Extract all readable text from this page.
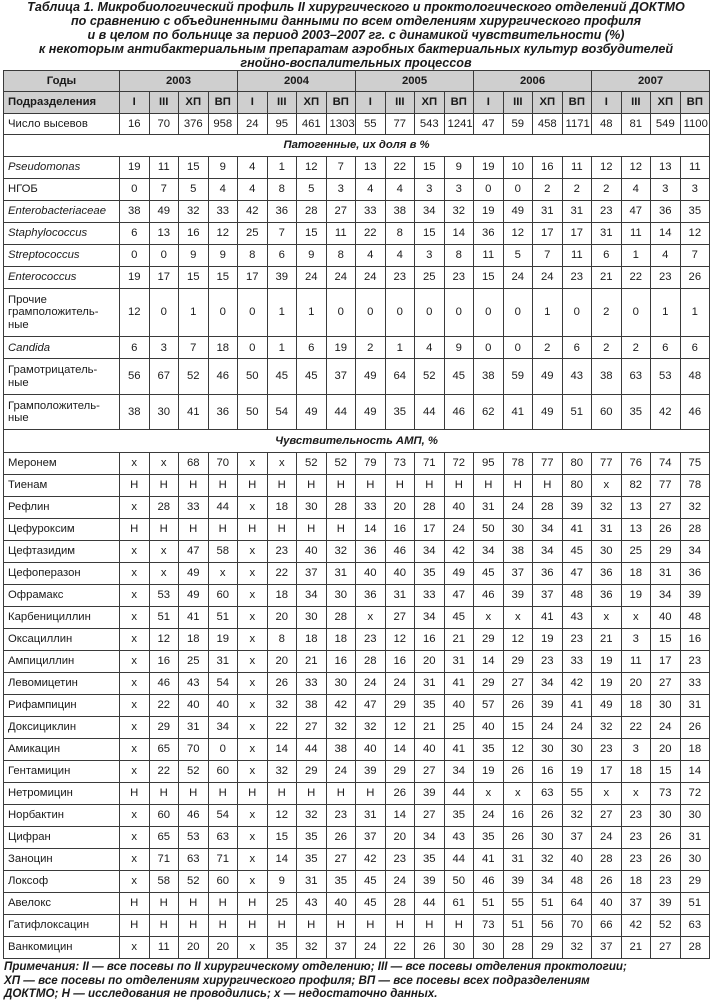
Таблица 1. Микробиологический профиль II хирургического и проктологического отделений ДОКТМО
по сравнению с объединенными данными по всем отделениям хирургического профиля
и в целом по больнице за период 2003–2007 гг. с динамикой чувствительности (%)
к некоторым антибактериальным препаратам аэробных бактериальных культур возбудителей
гнойно-воспалительных процессов
Годы	2003				2004				2005				2006				2007			
Подразделения	I	III	ХП	ВП	I	III	ХП	ВП	I	III	ХП	ВП	I	III	ХП	ВП	I	III	ХП	ВП
Число высевов	16	70	376	958	24	95	461	1303	55	77	543	1241	47	59	458	1171	48	81	549	1100
Патогенные, их доля в %																				
Pseudomonas	19	11	15	9	4	1	12	7	13	22	15	9	19	10	16	11	12	12	13	11
НГОБ	0	7	5	4	4	8	5	3	4	4	3	3	0	0	2	2	2	4	3	3
Enterobacteriaceae	38	49	32	33	42	36	28	27	33	38	34	32	19	49	31	31	23	47	36	35
Staphylococcus	6	13	16	12	25	7	15	11	22	8	15	14	36	12	17	17	31	11	14	12
Streptococcus	0	0	9	9	8	6	9	8	4	4	3	8	11	5	7	11	6	1	4	7
Enterococcus	19	17	15	15	17	39	24	24	24	23	25	23	15	24	24	23	21	22	23	26
Прочие грамположитель-ные	12	0	1	0	0	1	1	0	0	0	0	0	0	0	1	0	2	0	1	1
Candida	6	3	7	18	0	1	6	19	2	1	4	9	0	0	2	6	2	2	6	6
Грамотрицатель-ные	56	67	52	46	50	45	45	37	49	64	52	45	38	59	49	43	38	63	53	48
Грамположитель-ные	38	30	41	36	50	54	49	44	49	35	44	46	62	41	49	51	60	35	42	46
Чувствительность АМП, %																				
Меронем	х	х	68	70	х	х	52	52	79	73	71	72	95	78	77	80	77	76	74	75
Тиенам	Н	Н	Н	Н	Н	Н	Н	Н	Н	Н	Н	Н	Н	Н	Н	80	х	82	77	78
Рефлин	х	28	33	44	х	18	30	28	33	20	28	40	31	24	28	39	32	13	27	32
Цефуроксим	Н	Н	Н	Н	Н	Н	Н	Н	14	16	17	24	50	30	34	41	31	13	26	28
Цефтазидим	х	х	47	58	х	23	40	32	36	46	34	42	34	38	34	45	30	25	29	34
Цефоперазон	х	х	49	х	х	22	37	31	40	40	35	49	45	37	36	47	36	18	31	36
Офрамакс	х	53	49	60	х	18	34	30	36	31	33	47	46	39	37	48	36	19	34	39
Карбенициллин	х	51	41	51	х	20	30	28	х	27	34	45	х	х	41	43	х	х	40	48
Оксациллин	х	12	18	19	х	8	18	18	23	12	16	21	29	12	19	23	21	3	15	16
Ампициллин	х	16	25	31	х	20	21	16	28	16	20	31	14	29	23	33	19	11	17	23
Левомицетин	х	46	43	54	х	26	33	30	24	24	31	41	29	27	34	42	19	20	27	33
Рифампицин	х	22	40	40	х	32	38	42	47	29	35	40	57	26	39	41	49	18	30	31
Доксициклин	х	29	31	34	х	22	27	32	32	12	21	25	40	15	24	24	32	22	24	26
Амикацин	х	65	70	0	х	14	44	38	40	14	40	41	35	12	30	30	23	3	20	18
Гентамицин	х	22	52	60	х	32	29	24	39	29	27	34	19	26	16	19	17	18	15	14
Нетромицин	Н	Н	Н	Н	Н	Н	Н	Н	Н	26	39	44	х	х	63	55	х	х	73	72
Норбактин	х	60	46	54	х	12	32	23	31	14	27	35	24	16	26	32	27	23	30	30
Цифран	х	65	53	63	х	15	35	26	37	20	34	43	35	26	30	37	24	23	26	31
Заноцин	х	71	63	71	х	14	35	27	42	23	35	44	41	31	32	40	28	23	26	30
Локсоф	х	58	52	60	х	9	31	35	45	24	39	50	46	39	34	48	26	18	23	29
Авелокс	Н	Н	Н	Н	Н	25	43	40	45	28	44	61	51	55	51	64	40	37	39	51
Гатифлоксацин	Н	Н	Н	Н	Н	Н	Н	Н	Н	Н	Н	Н	73	51	56	70	66	42	52	63
Ванкомицин	х	11	20	20	х	35	32	37	24	22	26	30	30	28	29	32	37	21	27	28
Примечания: II — все посевы по II хирургическому отделению; III — все посевы отделения проктологии;
ХП — все посевы по отделениям хирургического профиля; ВП — все посевы всех подразделениям
ДОКТМО; Н — исследования не проводились; х — недостаточно данных.
